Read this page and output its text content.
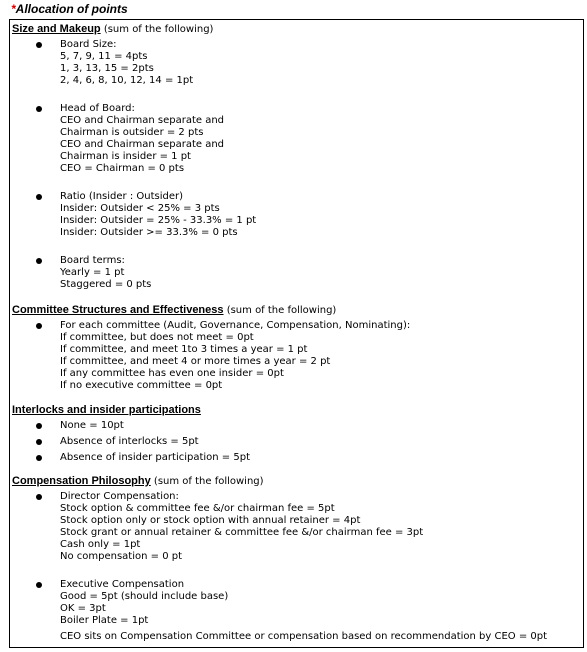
*Allocation of points
Size and Makeup (sum of the following)
Board Size:
5, 7, 9, 11 = 4pts
1, 3, 13, 15 = 2pts
2, 4, 6, 8, 10, 12, 14 = 1pt
Head of Board:
CEO and Chairman separate and
Chairman is outsider = 2 pts
CEO and Chairman separate and
Chairman is insider = 1 pt
CEO = Chairman = 0 pts
Ratio (Insider : Outsider)
Insider: Outsider < 25% = 3 pts
Insider: Outsider = 25% - 33.3% = 1 pt
Insider: Outsider >= 33.3% = 0 pts
Board terms:
Yearly = 1 pt
Staggered = 0 pts
Committee Structures and Effectiveness (sum of the following)
For each committee (Audit, Governance, Compensation, Nominating):
If committee, but does not meet = 0pt
If committee, and meet 1to 3 times a year = 1 pt
If committee, and meet 4 or more times a year = 2 pt
If any committee has even one insider = 0pt
If no executive committee = 0pt
Interlocks and insider participations
None = 10pt
Absence of interlocks = 5pt
Absence of insider participation = 5pt
Compensation Philosophy (sum of the following)
Director Compensation:
Stock option & committee fee &/or chairman fee = 5pt
Stock option only or stock option with annual retainer = 4pt
Stock grant or annual retainer & committee fee &/or chairman fee = 3pt
Cash only = 1pt
No compensation = 0 pt
Executive Compensation
Good = 5pt (should include base)
OK = 3pt
Boiler Plate = 1pt
CEO sits on Compensation Committee or compensation based on recommendation by CEO = 0pt
